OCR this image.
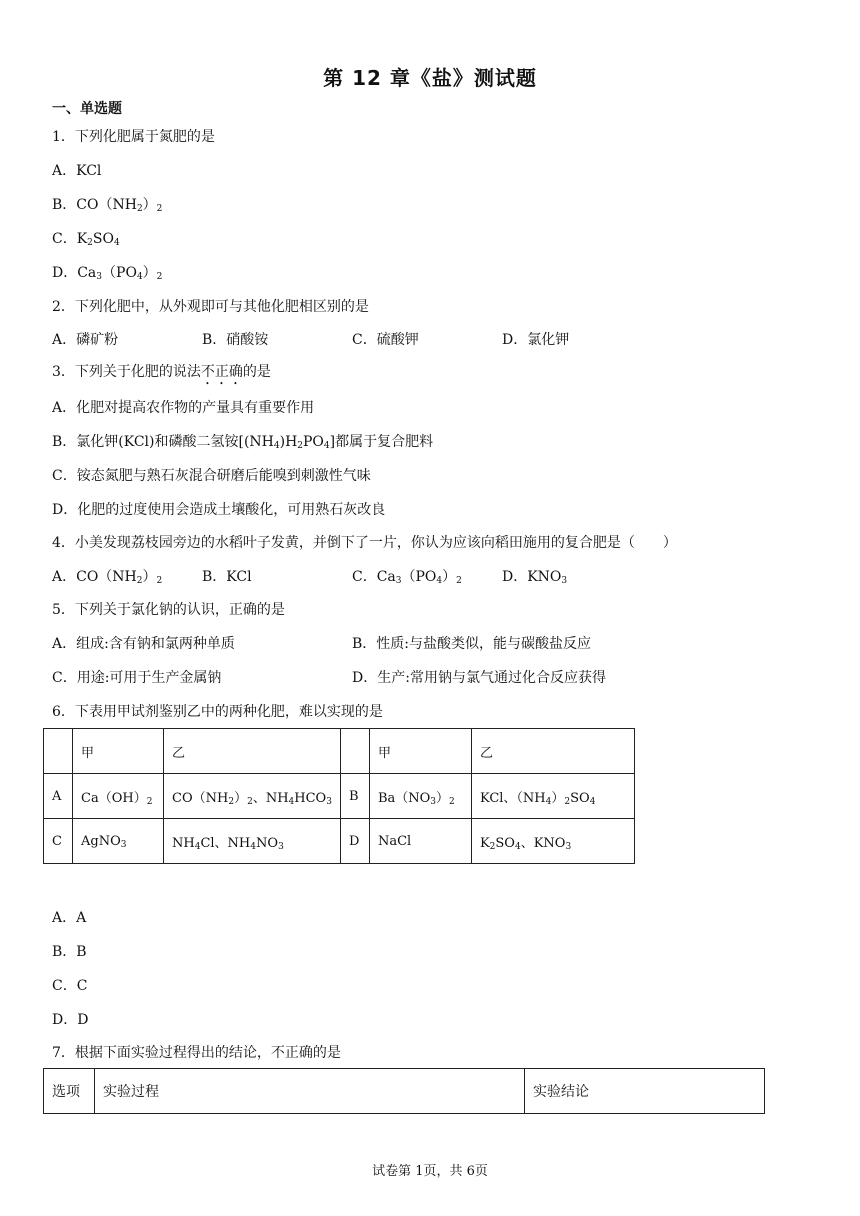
第 12 章《盐》测试题
一、单选题
1．下列化肥属于氮肥的是
A．KCl
B．$CO(NH_2)_2$
C．$K_2SO_4$
D．$Ca_3(PO_4)_2$
2．下列化肥中，从外观即可与其他化肥相区别的是
A．磷矿粉	B．硝酸铵	C．硫酸钾	D．氯化钾
3．下列关于化肥的说法不正确的是
A．化肥对提高农作物的产量具有重要作用
B．氯化钾(KCl)和磷酸二氢铵$[(NH_4)H_2PO_4]$都属于复合肥料
C．铵态氮肥与熟石灰混合研磨后能嗅到刺激性气味
D．化肥的过度使用会造成土壤酸化，可用熟石灰改良
4．小美发现荔枝园旁边的水稻叶子发黄，并倒下了一片，你认为应该向稻田施用的复合肥是（　　）
A．$CO(NH_2)_2$	B．KCl	C．$Ca_3(PO_4)_2$	D．$KNO_3$
5．下列关于氯化钠的认识，正确的是
A．组成:含有钠和氯两种单质	B．性质:与盐酸类似，能与碳酸盐反应
C．用途:可用于生产金属钠	D．生产:常用钠与氯气通过化合反应获得
6．下表用甲试剂鉴别乙中的两种化肥，难以实现的是
	甲	乙		甲	乙
A	$Ca(OH)_2$	$CO(NH_2)_2$、$NH_4HCO_3$	B	$Ba(NO_3)_2$	KCl、$(NH_4)_2SO_4$
C	AgNO$_3$	$NH_4Cl$、$NH_4NO_3$	D	NaCl	$K_2SO_4$、$KNO_3$
A．A
B．B
C．C
D．D
7．根据下面实验过程得出的结论，不正确的是
选项	实验过程	实验结论
试卷第 1页，共 6页
